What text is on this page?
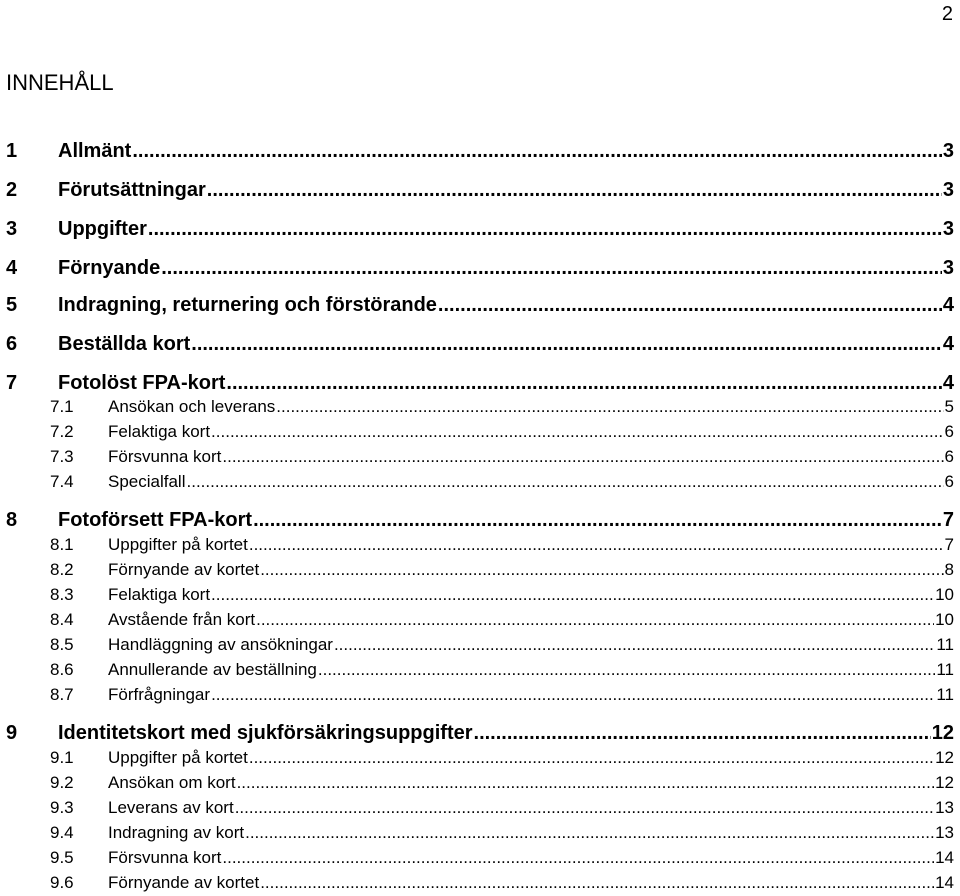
2
INNEHÅLL
1	Allmänt .....	3
2	Förutsättningar .....	3
3	Uppgifter .....	3
4	Förnyande .....	3
5	Indragning, returnering och förstörande .....	4
6	Beställda kort .....	4
7	Fotolöst FPA-kort .....	4
7.1	Ansökan och leverans .....	5
7.2	Felaktiga kort .....	6
7.3	Försvunna kort .....	6
7.4	Specialfall .....	6
8	Fotoförsett FPA-kort .....	7
8.1	Uppgifter på kortet .....	7
8.2	Förnyande av kortet .....	8
8.3	Felaktiga kort .....	10
8.4	Avstående från kort .....	10
8.5	Handläggning av ansökningar .....	11
8.6	Annullerande av beställning .....	11
8.7	Förfrågningar .....	11
9	Identitetskort med sjukförsäkringsuppgifter .....	12
9.1	Uppgifter på kortet .....	12
9.2	Ansökan om kort .....	12
9.3	Leverans av kort .....	13
9.4	Indragning av kort .....	13
9.5	Försvunna kort .....	14
9.6	Förnyande av kortet .....	14
